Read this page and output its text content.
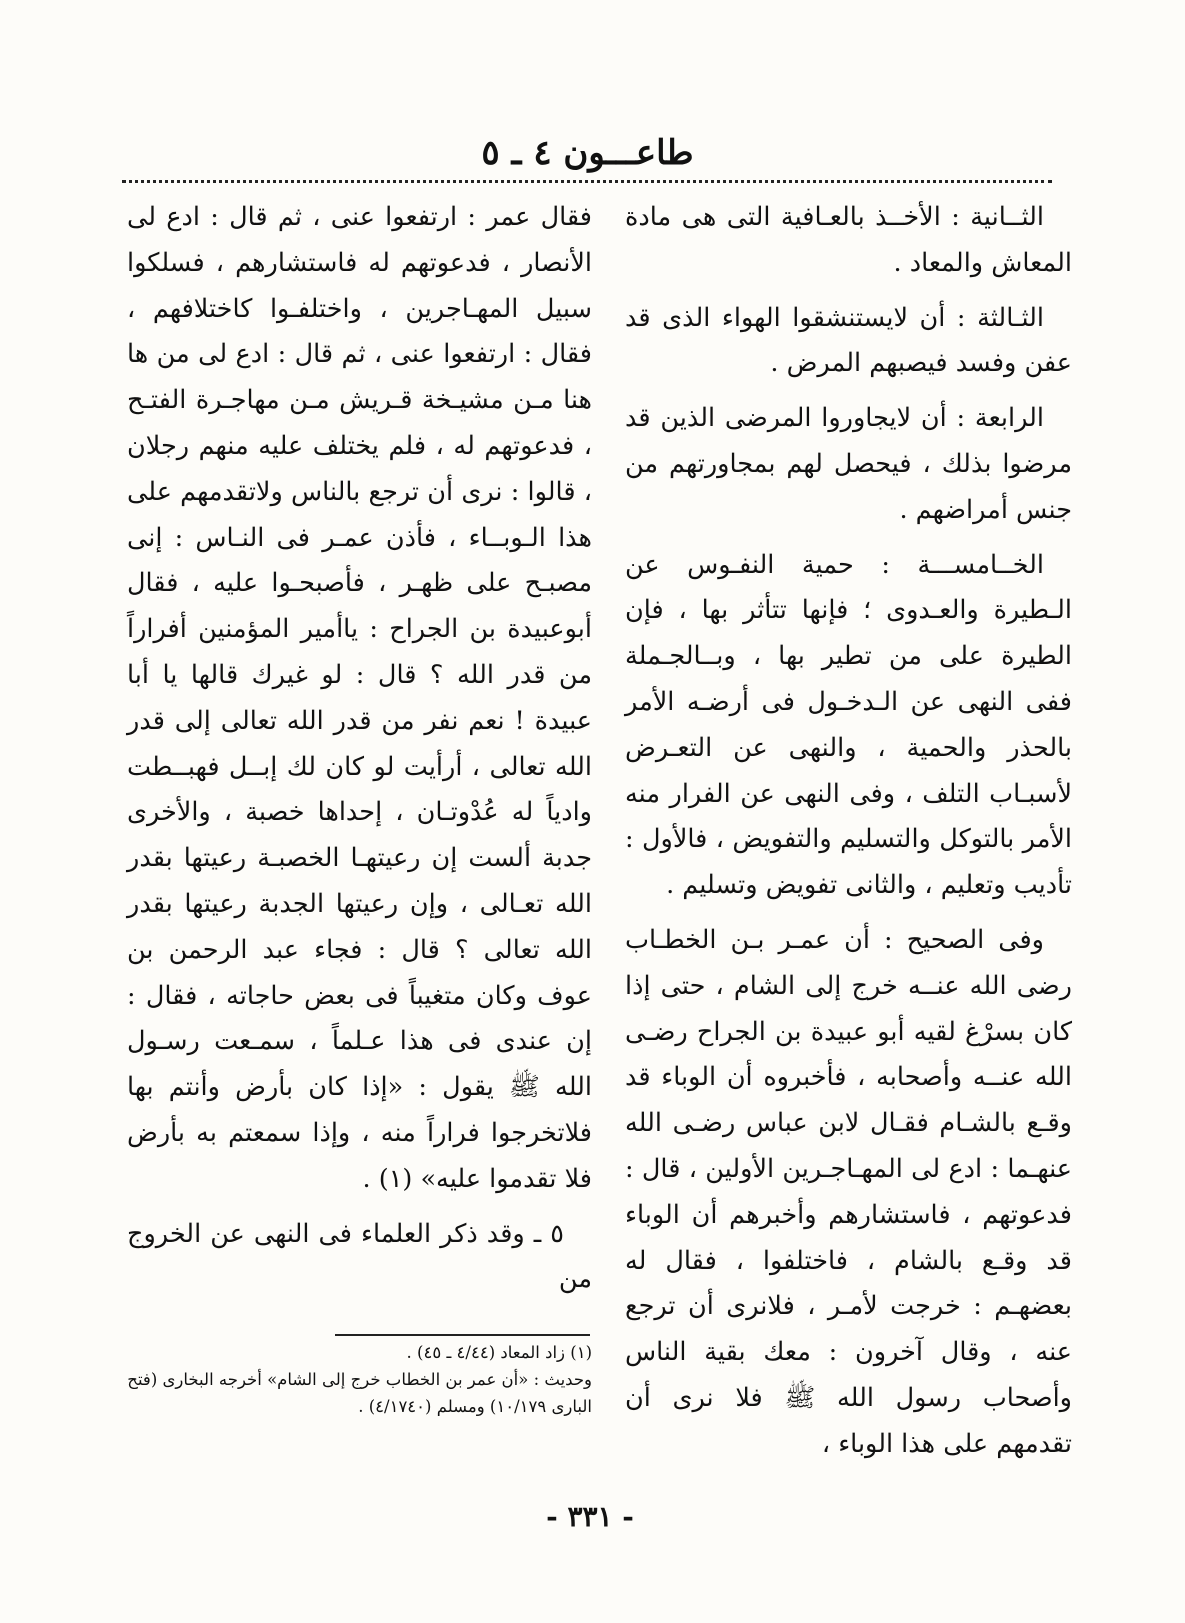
طاعـــون ٤ ـ ٥

الثــانية : الأخــذ بالعـافية التى هى مادة المعاش والمعاد .

الثـالثة : أن لايستنشقوا الهواء الذى قد عفن وفسد فيصبهم المرض .

الرابعة : أن لايجاوروا المرضى الذين قد مرضوا بذلك ، فيحصل لهم بمجاورتهم من جنس أمراضهم .

الخــامســـة : حمية النفـوس عن الـطيرة والعـدوى ؛ فإنها تتأثر بها ، فإن الطيرة على من تطير بها ، وبــالجـملة ففى النهى عن الـدخـول فى أرضـه الأمر بالحذر والحمية ، والنهى عن التعـرض لأسبـاب التلف ، وفى النهى عن الفرار منه الأمر بالتوكل والتسليم والتفويض ، فالأول : تأديب وتعليم ، والثانى تفويض وتسليم .

وفى الصحيح : أن عمـر بـن الخطـاب رضى الله عنــه خرج إلى الشام ، حتى إذا كان بسرْغ لقيه أبو عبيدة بن الجراح رضـى الله عنــه وأصحابه ، فأخبروه أن الوباء قد وقـع بالشـام فقـال لابن عباس رضـى الله عنهـما : ادع لى المهـاجـرين الأولين ، قال : فدعوتهم ، فاستشارهم وأخبرهم أن الوباء قد وقـع بالشام ، فاختلفوا ، فقال له بعضهـم : خرجت لأمـر ، فلانرى أن ترجع عنه ، وقال آخرون : معك بقية الناس وأصحاب رسول الله ﷺ فلا نرى أن تقدمهم على هذا الوباء ،

فقال عمر : ارتفعوا عنى ، ثم قال : ادع لى الأنصار ، فدعوتهم له فاستشارهم ، فسلكوا سبيل المهـاجرين ، واختلفـوا كاختلافهم ، فقال : ارتفعوا عنى ، ثم قال : ادع لى من ها هنا مـن مشيـخة قـريش مـن مهاجـرة الفتـح ، فدعوتهم له ، فلم يختلف عليه منهم رجلان ، قالوا : نرى أن ترجع بالناس ولاتقدمهم على هذا الـوبــاء ، فأذن عمـر فى النـاس : إنى مصبـح على ظهـر ، فأصبحـوا عليه ، فقال أبوعبيدة بن الجراح : ياأمير المؤمنين أفراراً من قدر الله ؟ قال : لو غيرك قالها يا أبا عبيدة ! نعم نفر من قدر الله تعالى إلى قدر الله تعالى ، أرأيت لو كان لك إبــل فهبــطت وادياً له عُدْوتـان ، إحداها خصبة ، والأخرى جدبة ألست إن رعيتهـا الخصبـة رعيتها بقدر الله تعـالى ، وإن رعيتها الجدبة رعيتها بقدر الله تعالى ؟ قال : فجاء عبد الرحمن بن عوف وكان متغيباً فى بعض حاجاته ، فقال : إن عندى فى هذا عـلماً ، سمـعت رسـول الله ﷺ يقول : «إذا كان بأرض وأنتم بها فلاتخرجوا فراراً منه ، وإذا سمعتم به بأرض فلا تقدموا عليه» (١) .

٥ ـ وقد ذكر العلماء فى النهى عن الخروج من

(١) زاد المعاد (٤/٤٤ ـ ٤٥) .
وحديث : «أن عمر بن الخطاب خرج إلى الشام» أخرجه البخارى (فتح البارى ١٠/١٧٩) ومسلم (٤/١٧٤٠) .
- ٣٣١ -
